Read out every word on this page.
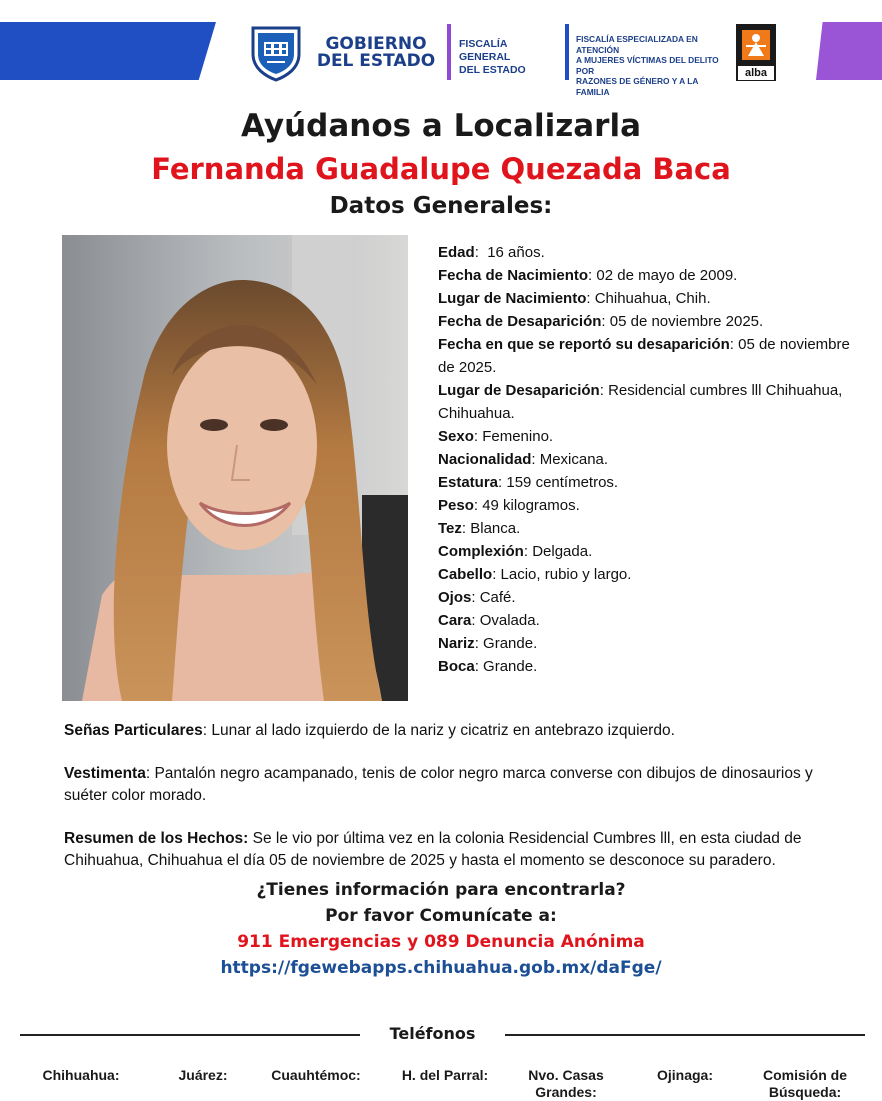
GOBIERNO
DEL ESTADO
FISCALÍA GENERAL
DEL ESTADO
FISCALÍA ESPECIALIZADA EN ATENCIÓN
A MUJERES VÍCTIMAS DEL DELITO POR
RAZONES DE GÉNERO Y A LA FAMILIA
alba
Ayúdanos a Localizarla
Fernanda Guadalupe Quezada Baca
Datos Generales:
Edad:  16 años.
Fecha de Nacimiento: 02 de mayo de 2009.
Lugar de Nacimiento: Chihuahua, Chih.
Fecha de Desaparición: 05 de noviembre 2025.
Fecha en que se reportó su desaparición: 05 de noviembre de 2025.
Lugar de Desaparición: Residencial cumbres lll Chihuahua, Chihuahua.
Sexo: Femenino.
Nacionalidad: Mexicana.
Estatura: 159 centímetros.
Peso: 49 kilogramos.
Tez: Blanca.
Complexión: Delgada.
Cabello: Lacio, rubio y largo.
Ojos: Café.
Cara: Ovalada.
Nariz: Grande.
Boca: Grande.
Señas Particulares: Lunar al lado izquierdo de la nariz y cicatriz en antebrazo izquierdo.
Vestimenta: Pantalón negro acampanado, tenis de color negro marca converse con dibujos de dinosaurios y suéter color morado.
Resumen de los Hechos: Se le vio por última vez en la colonia Residencial Cumbres lll, en esta ciudad de Chihuahua, Chihuahua el día 05 de noviembre de 2025 y hasta el momento se desconoce su paradero.
¿Tienes información para encontrarla?
Por favor Comunícate a:
911 Emergencias y 089 Denuncia Anónima
https://fgewebapps.chihuahua.gob.mx/daFge/
Teléfonos
Chihuahua:	Juárez:	Cuauhtémoc:	H. del Parral:	Nvo. Casas Grandes:
Ojinaga:	Comisión de Búsqueda:
